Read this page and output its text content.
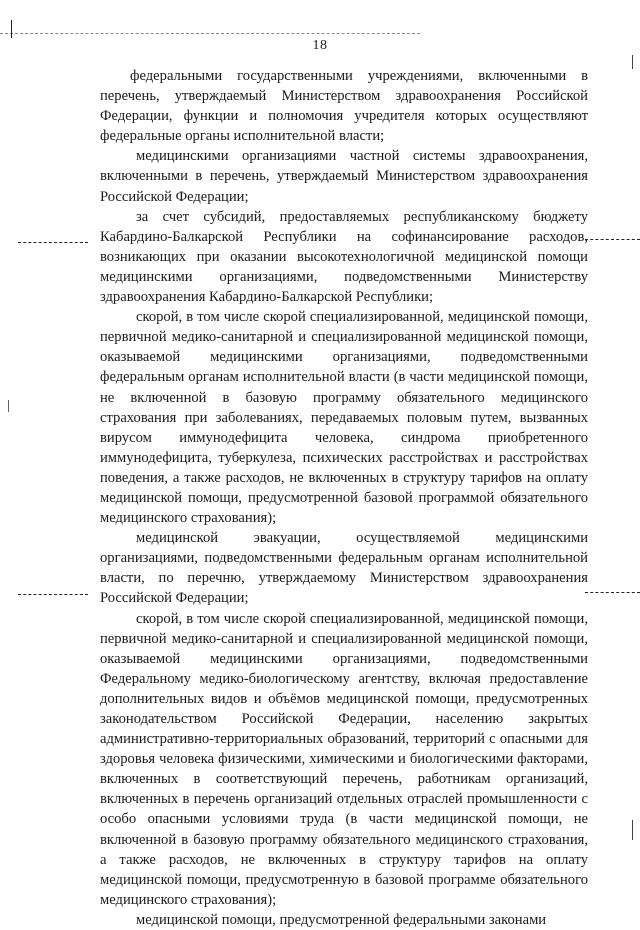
18

федеральными государственными учреждениями, включенными в перечень, утверждаемый Министерством здравоохранения Российской Федерации, функции и полномочия учредителя которых осуществляют федеральные органы исполнительной власти;

медицинскими организациями частной системы здравоохранения, включенными в перечень, утверждаемый Министерством здравоохранения Российской Федерации;

за счет субсидий, предоставляемых республиканскому бюджету Кабардино-Балкарской Республики на софинансирование расходов, возникающих при оказании высокотехнологичной медицинской помощи медицинскими организациями, подведомственными Министерству здравоохранения Кабардино-Балкарской Республики;

скорой, в том числе скорой специализированной, медицинской помощи, первичной медико-санитарной и специализированной медицинской помощи, оказываемой медицинскими организациями, подведомственными федеральным органам исполнительной власти (в части медицинской помощи, не включенной в базовую программу обязательного медицинского страхования при заболеваниях, передаваемых половым путем, вызванных вирусом иммунодефицита человека, синдрома приобретенного иммунодефицита, туберкулеза, психических расстройствах и расстройствах поведения, а также расходов, не включенных в структуру тарифов на оплату медицинской помощи, предусмотренной базовой программой обязательного медицинского страхования);

медицинской эвакуации, осуществляемой медицинскими организациями, подведомственными федеральным органам исполнительной власти, по перечню, утверждаемому Министерством здравоохранения Российской Федерации;

скорой, в том числе скорой специализированной, медицинской помощи, первичной медико-санитарной и специализированной медицинской помощи, оказываемой медицинскими организациями, подведомственными Федеральному медико-биологическому агентству, включая предоставление дополнительных видов и объёмов медицинской помощи, предусмотренных законодательством Российской Федерации, населению закрытых административно-территориальных образований, территорий с опасными для здоровья человека физическими, химическими и биологическими факторами, включенных в соответствующий перечень, работникам организаций, включенных в перечень организаций отдельных отраслей промышленности с особо опасными условиями труда (в части медицинской помощи, не включенной в базовую программу обязательного медицинского страхования, а также расходов, не включенных в структуру тарифов на оплату медицинской помощи, предусмотренную в базовой программе обязательного медицинского страхования);

медицинской помощи, предусмотренной федеральными законами
